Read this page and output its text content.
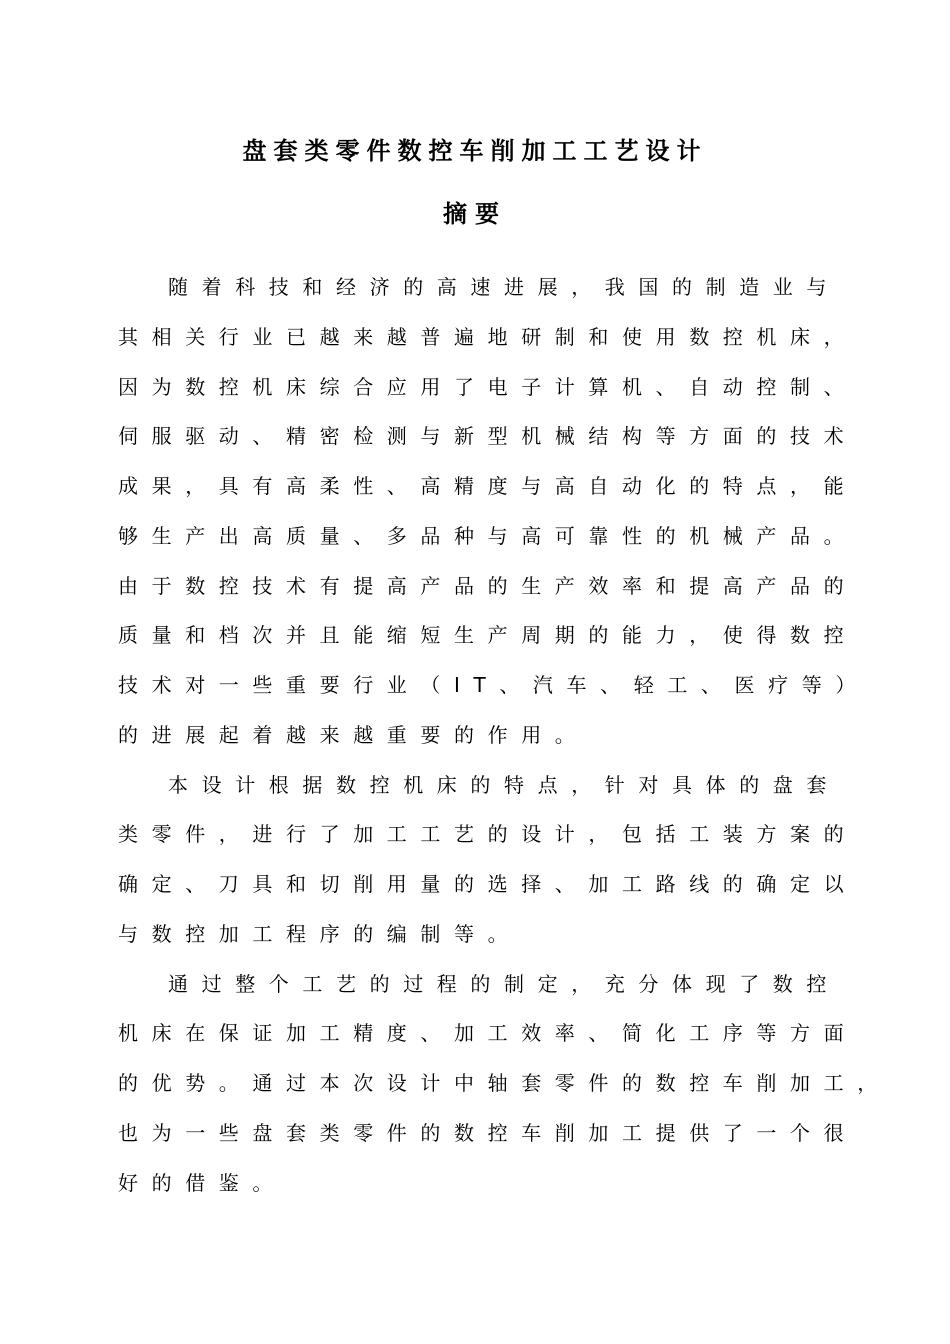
盘套类零件数控车削加工工艺设计
摘要
随着科技和经济的高速进展，我国的制造业与
其相关行业已越来越普遍地研制和使用数控机床，
因为数控机床综合应用了电子计算机、自动控制、
伺服驱动、精密检测与新型机械结构等方面的技术
成果，具有高柔性、高精度与高自动化的特点，能
够生产出高质量、多品种与高可靠性的机械产品。
由于数控技术有提高产品的生产效率和提高产品的
质量和档次并且能缩短生产周期的能力，使得数控
技术对一些重要行业（IT、汽车、轻工、医疗等）
的进展起着越来越重要的作用。
本设计根据数控机床的特点，针对具体的盘套
类零件，进行了加工工艺的设计，包括工装方案的
确定、刀具和切削用量的选择、加工路线的确定以
与数控加工程序的编制等。
通过整个工艺的过程的制定，充分体现了数控
机床在保证加工精度、加工效率、简化工序等方面
的优势。通过本次设计中轴套零件的数控车削加工，
也为一些盘套类零件的数控车削加工提供了一个很
好的借鉴。
